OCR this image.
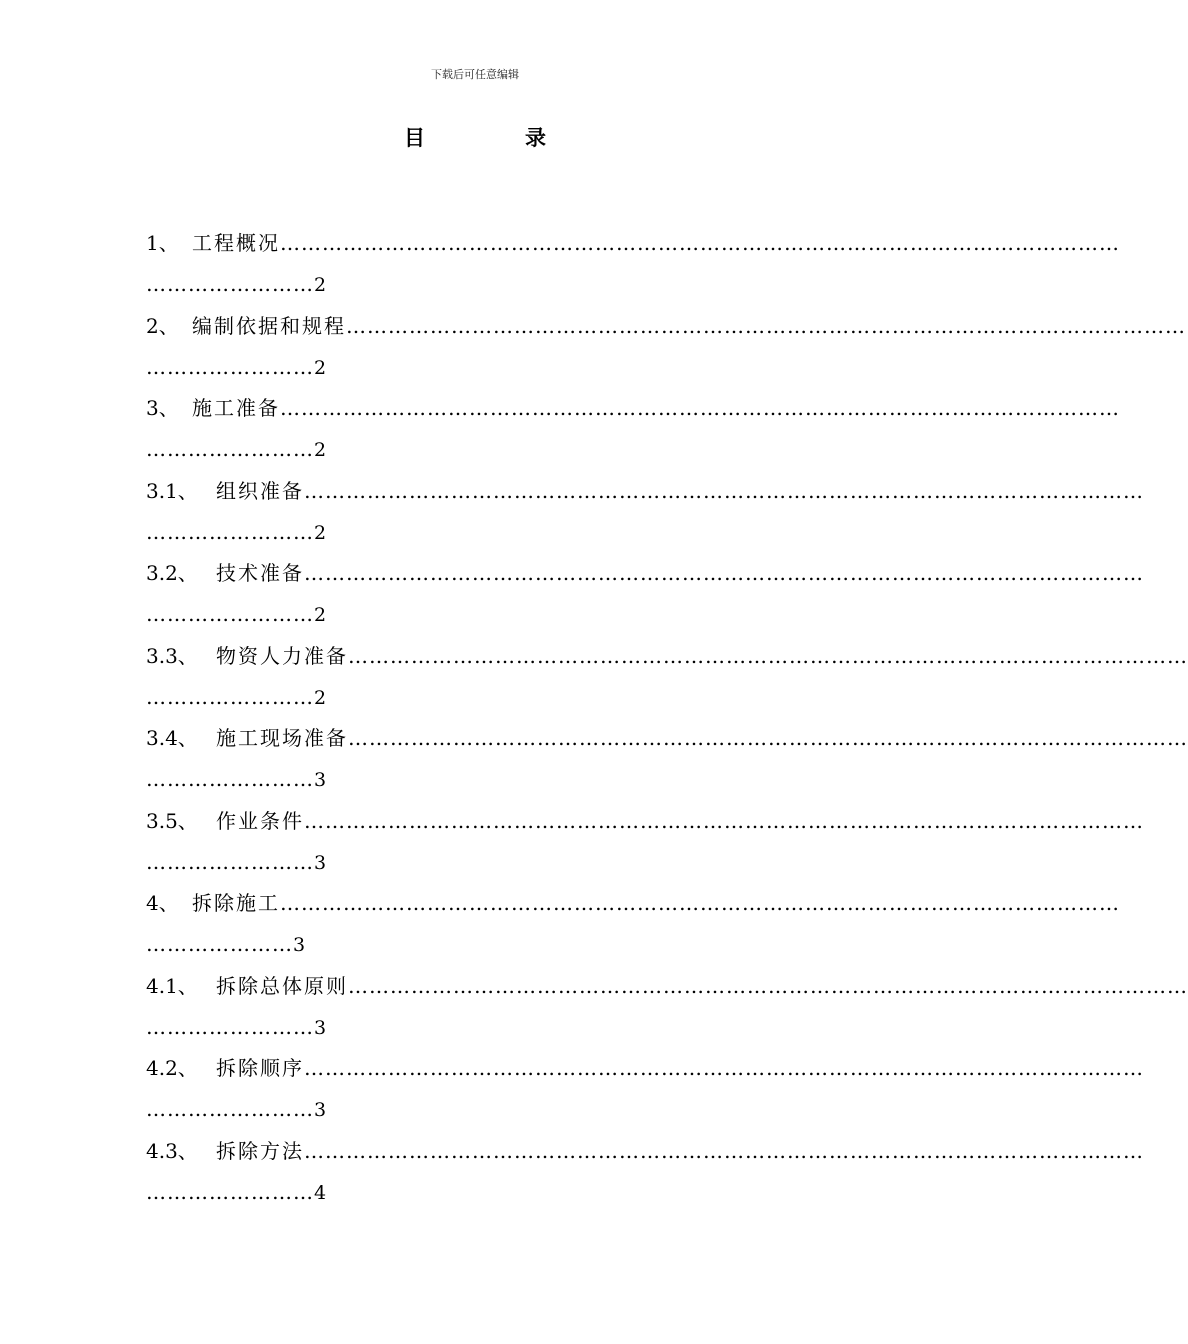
下载后可任意编辑
目	录
1、 工程概况…………………………………………………………………………………………………………
……………………2
2、 编制依据和规程…………………………………………………………………………………………………………
……………………2
3、 施工准备…………………………………………………………………………………………………………
……………………2
3.1、 组织准备…………………………………………………………………………………………………………
……………………2
3.2、 技术准备…………………………………………………………………………………………………………
……………………2
3.3、 物资人力准备…………………………………………………………………………………………………………
……………………2
3.4、 施工现场准备…………………………………………………………………………………………………………
……………………3
3.5、 作业条件…………………………………………………………………………………………………………
……………………3
4、 拆除施工…………………………………………………………………………………………………………
…………………3
4.1、 拆除总体原则…………………………………………………………………………………………………………
……………………3
4.2、 拆除顺序…………………………………………………………………………………………………………
……………………3
4.3、 拆除方法…………………………………………………………………………………………………………
……………………4
